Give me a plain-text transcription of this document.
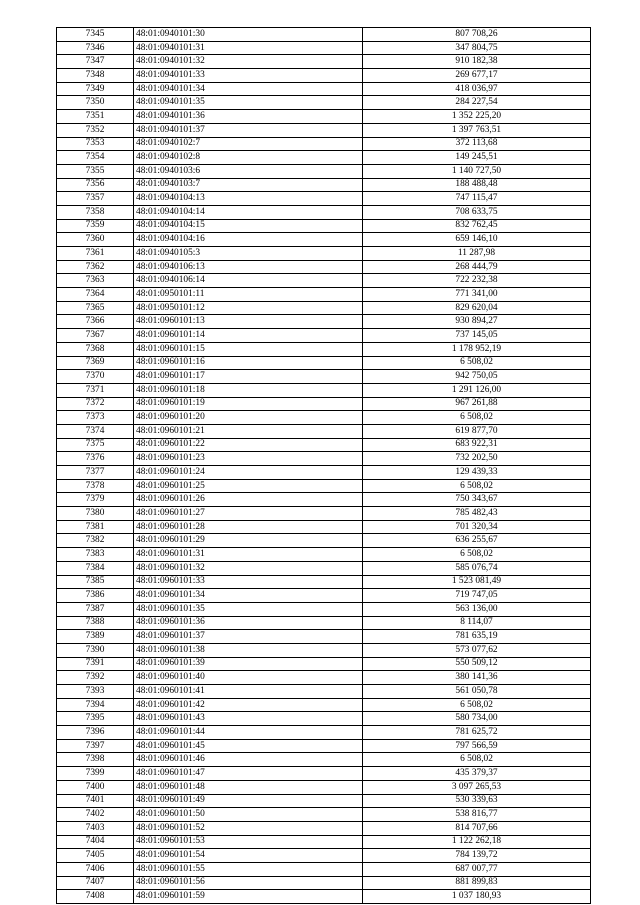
7345	48:01:0940101:30	807 708,26
7346	48:01:0940101:31	347 804,75
7347	48:01:0940101:32	910 182,38
7348	48:01:0940101:33	269 677,17
7349	48:01:0940101:34	418 036,97
7350	48:01:0940101:35	284 227,54
7351	48:01:0940101:36	1 352 225,20
7352	48:01:0940101:37	1 397 763,51
7353	48:01:0940102:7	372 113,68
7354	48:01:0940102:8	149 245,51
7355	48:01:0940103:6	1 140 727,50
7356	48:01:0940103:7	188 488,48
7357	48:01:0940104:13	747 115,47
7358	48:01:0940104:14	708 633,75
7359	48:01:0940104:15	832 762,45
7360	48:01:0940104:16	659 146,10
7361	48:01:0940105:3	11 287,98
7362	48:01:0940106:13	268 444,79
7363	48:01:0940106:14	722 232,38
7364	48:01:0950101:11	771 341,00
7365	48:01:0950101:12	829 620,04
7366	48:01:0960101:13	930 894,27
7367	48:01:0960101:14	737 145,05
7368	48:01:0960101:15	1 178 952,19
7369	48:01:0960101:16	6 508,02
7370	48:01:0960101:17	942 750,05
7371	48:01:0960101:18	1 291 126,00
7372	48:01:0960101:19	967 261,88
7373	48:01:0960101:20	6 508,02
7374	48:01:0960101:21	619 877,70
7375	48:01:0960101:22	683 922,31
7376	48:01:0960101:23	732 202,50
7377	48:01:0960101:24	129 439,33
7378	48:01:0960101:25	6 508,02
7379	48:01:0960101:26	750 343,67
7380	48:01:0960101:27	785 482,43
7381	48:01:0960101:28	701 320,34
7382	48:01:0960101:29	636 255,67
7383	48:01:0960101:31	6 508,02
7384	48:01:0960101:32	585 076,74
7385	48:01:0960101:33	1 523 081,49
7386	48:01:0960101:34	719 747,05
7387	48:01:0960101:35	563 136,00
7388	48:01:0960101:36	8 114,07
7389	48:01:0960101:37	781 635,19
7390	48:01:0960101:38	573 077,62
7391	48:01:0960101:39	550 509,12
7392	48:01:0960101:40	380 141,36
7393	48:01:0960101:41	561 050,78
7394	48:01:0960101:42	6 508,02
7395	48:01:0960101:43	580 734,00
7396	48:01:0960101:44	781 625,72
7397	48:01:0960101:45	797 566,59
7398	48:01:0960101:46	6 508,02
7399	48:01:0960101:47	435 379,37
7400	48:01:0960101:48	3 097 265,53
7401	48:01:0960101:49	530 339,63
7402	48:01:0960101:50	538 816,77
7403	48:01:0960101:52	814 707,66
7404	48:01:0960101:53	1 122 262,18
7405	48:01:0960101:54	784 139,72
7406	48:01:0960101:55	687 007,77
7407	48:01:0960101:56	881 899,83
7408	48:01:0960101:59	1 037 180,93
